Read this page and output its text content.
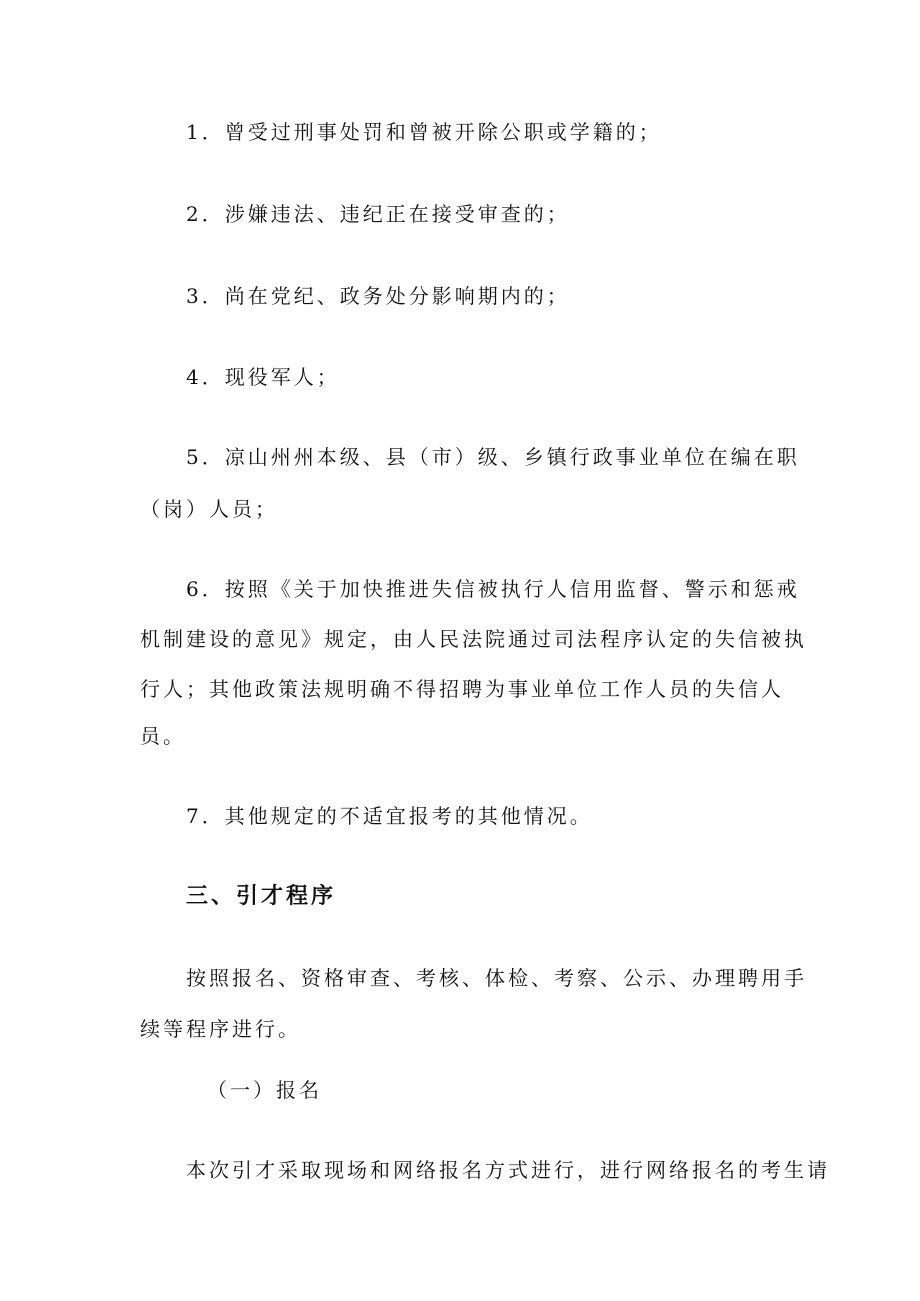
1．曾受过刑事处罚和曾被开除公职或学籍的；

2．涉嫌违法、违纪正在接受审查的；

3．尚在党纪、政务处分影响期内的；

4．现役军人；

5．凉山州州本级、县（市）级、乡镇行政事业单位在编在职

（岗）人员；

6．按照《关于加快推进失信被执行人信用监督、警示和惩戒

机制建设的意见》规定，由人民法院通过司法程序认定的失信被执

行人；其他政策法规明确不得招聘为事业单位工作人员的失信人

员。

7．其他规定的不适宜报考的其他情况。

三、引才程序

按照报名、资格审查、考核、体检、考察、公示、办理聘用手

续等程序进行。

（一）报名

本次引才采取现场和网络报名方式进行，进行网络报名的考生请
